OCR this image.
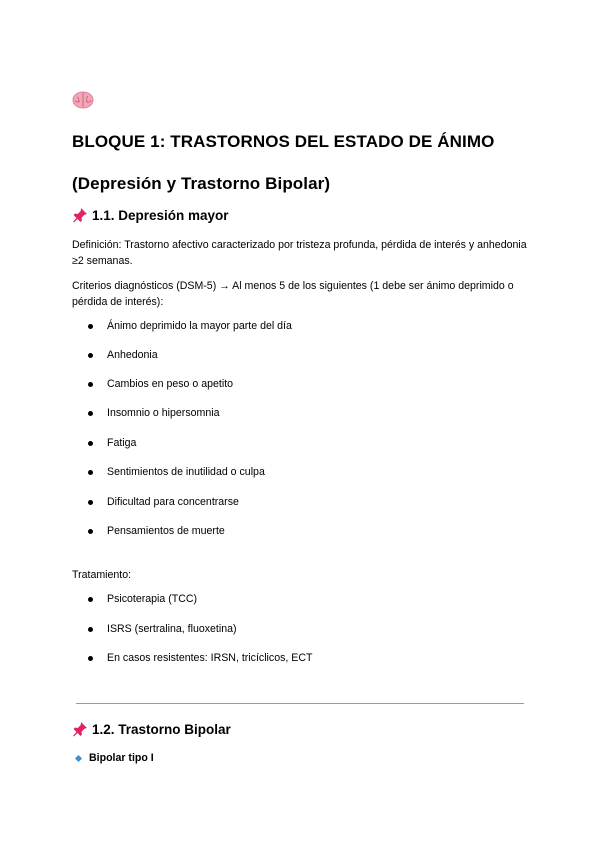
BLOQUE 1: TRASTORNOS DEL ESTADO DE ÁNIMO
(Depresión y Trastorno Bipolar)
1.1. Depresión mayor
Definición: Trastorno afectivo caracterizado por tristeza profunda, pérdida de interés y anhedonia ≥2 semanas.
Criterios diagnósticos (DSM-5) → Al menos 5 de los siguientes (1 debe ser ánimo deprimido o pérdida de interés):
Ánimo deprimido la mayor parte del día
Anhedonia
Cambios en peso o apetito
Insomnio o hipersomnia
Fatiga
Sentimientos de inutilidad o culpa
Dificultad para concentrarse
Pensamientos de muerte
Tratamiento:
Psicoterapia (TCC)
ISRS (sertralina, fluoxetina)
En casos resistentes: IRSN, tricíclicos, ECT
1.2. Trastorno Bipolar
Bipolar tipo I
